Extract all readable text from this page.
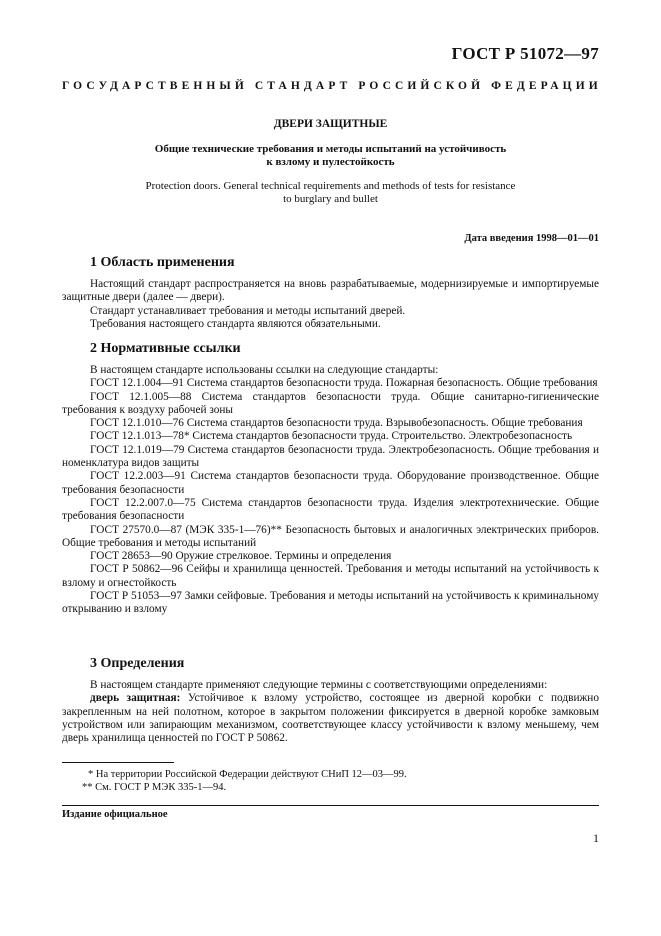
ГОСТ Р 51072—97
ГОСУДАРСТВЕННЫЙ СТАНДАРТ РОССИЙСКОЙ ФЕДЕРАЦИИ
ДВЕРИ ЗАЩИТНЫЕ
Общие технические требования и методы испытаний на устойчивость
к взлому и пулестойкость
Protection doors. General technical requirements and methods of tests for resistance
to burglary and bullet
Дата введения 1998—01—01
1 Область применения

Настоящий стандарт распространяется на вновь разрабатываемые, модернизируемые и импортируемые защитные двери (далее — двери).

Стандарт устанавливает требования и методы испытаний дверей.

Требования настоящего стандарта являются обязательными.

2 Нормативные ссылки

В настоящем стандарте использованы ссылки на следующие стандарты:

ГОСТ 12.1.004—91 Система стандартов безопасности труда. Пожарная безопасность. Общие требования

ГОСТ 12.1.005—88 Система стандартов безопасности труда. Общие санитарно-гигиенические требования к воздуху рабочей зоны

ГОСТ 12.1.010—76 Система стандартов безопасности труда. Взрывобезопасность. Общие требования

ГОСТ 12.1.013—78* Система стандартов безопасности труда. Строительство. Электробезопасность

ГОСТ 12.1.019—79 Система стандартов безопасности труда. Электробезопасность. Общие требования и номенклатура видов защиты

ГОСТ 12.2.003—91 Система стандартов безопасности труда. Оборудование производственное. Общие требования безопасности

ГОСТ 12.2.007.0—75 Система стандартов безопасности труда. Изделия электротехнические. Общие требования безопасности

ГОСТ 27570.0—87 (МЭК 335-1—76)** Безопасность бытовых и аналогичных электрических приборов. Общие требования и методы испытаний

ГОСТ 28653—90 Оружие стрелковое. Термины и определения

ГОСТ Р 50862—96 Сейфы и хранилища ценностей. Требования и методы испытаний на устойчивость к взлому и огнестойкость

ГОСТ Р 51053—97 Замки сейфовые. Требования и методы испытаний на устойчивость к криминальному открыванию и взлому

3 Определения

В настоящем стандарте применяют следующие термины с соответствующими определениями:

дверь защитная: Устойчивое к взлому устройство, состоящее из дверной коробки с подвижно закрепленным на ней полотном, которое в закрытом положении фиксируется в дверной коробке замковым устройством или запирающим механизмом, соответствующее классу устойчивости к взлому меньшему, чем дверь хранилища ценностей по ГОСТ Р 50862.

* На территории Российской Федерации действуют СНиП 12—03—99.

** См. ГОСТ Р МЭК 335-1—94.

Издание официальное
1
